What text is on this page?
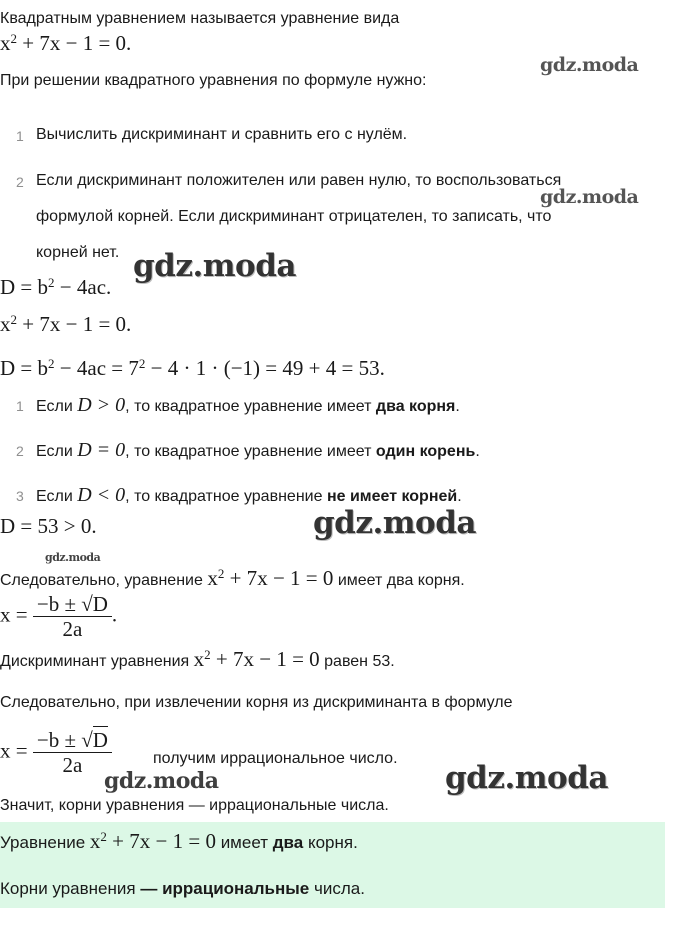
Квадратным уравнением называется уравнение вида
$x^2 + 7x - 1 = 0$.
При решении квадратного уравнения по формуле нужно:
1 Вычислить дискриминант и сравнить его с нулём.
2 Если дискриминант положителен или равен нулю, то воспользоваться
формулой корней. Если дискриминант отрицателен, то записать, что
корней нет.
$D = b^2 - 4ac$.
$x^2 + 7x - 1 = 0$.
$D = b^2 - 4ac = 7^2 - 4 \cdot 1 \cdot (-1) = 49 + 4 = 53$.
1 Если D > 0, то квадратное уравнение имеет два корня.
2 Если D = 0, то квадратное уравнение имеет один корень.
3 Если D < 0, то квадратное уравнение не имеет корней.
D = 53 > 0.
Следовательно, уравнение $x^2 + 7x - 1 = 0$ имеет два корня.
$x = \frac{-b \pm √D}{2a}$ .
Дискриминант уравнения $x^2 + 7x - 1 = 0$ равен 53.
Следовательно, при извлечении корня из дискриминанта в формуле
$x = \frac{-b \pm √D}{2a}$	получим иррациональное число.
Значит, корни уравнения — иррациональные числа.
Уравнение $x^2 + 7x - 1 = 0$ имеет два корня.
Корни уравнения — иррациональные числа.
gdz.moda
gdz.moda
gdz.moda
gdz.moda
gdz.moda
gdz.moda	gdz.moda
